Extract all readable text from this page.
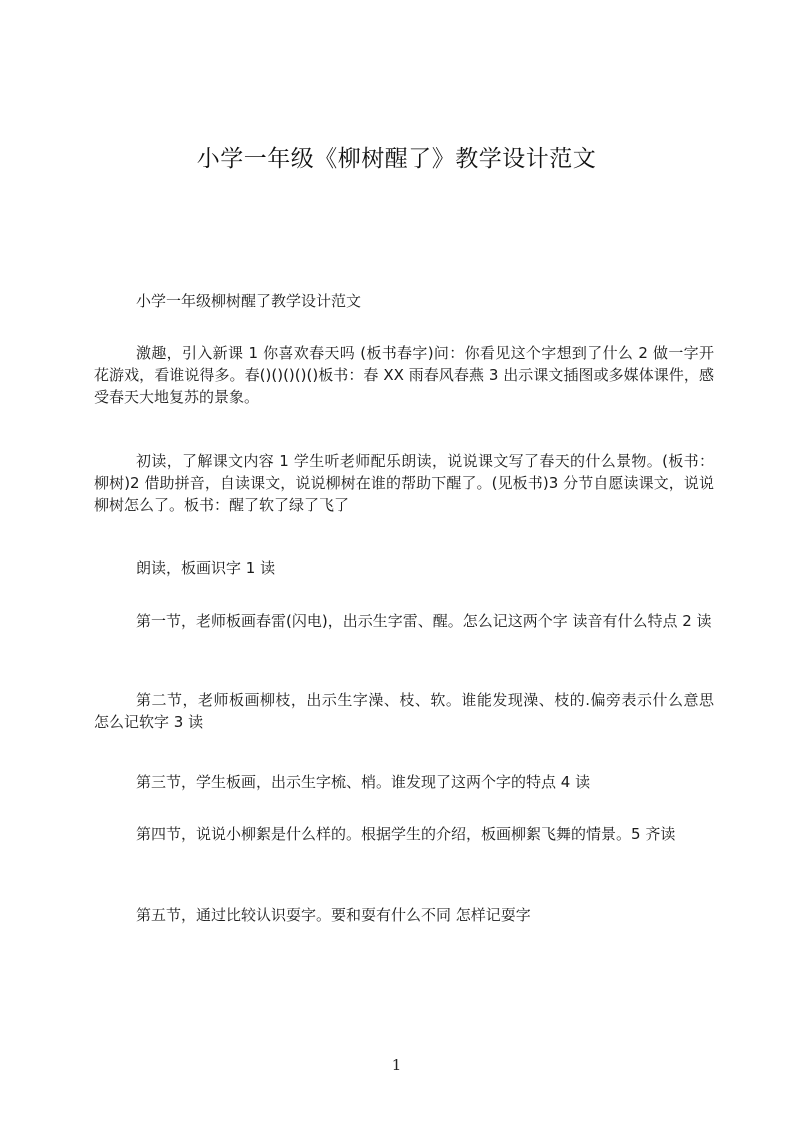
小学一年级《柳树醒了》教学设计范文

小学一年级柳树醒了教学设计范文

激趣，引入新课 1 你喜欢春天吗 (板书春字)问：你看见这个字想到了什么 2 做一字开花游戏，看谁说得多。春()()()()()板书：春 XX 雨春风春燕 3 出示课文插图或多媒体课件，感受春天大地复苏的景象。

初读，了解课文内容 1 学生听老师配乐朗读，说说课文写了春天的什么景物。(板书：柳树)2 借助拼音，自读课文，说说柳树在谁的帮助下醒了。(见板书)3 分节自愿读课文，说说柳树怎么了。板书：醒了软了绿了飞了

朗读，板画识字 1 读

第一节，老师板画春雷(闪电)，出示生字雷、醒。怎么记这两个字 读音有什么特点 2 读

第二节，老师板画柳枝，出示生字澡、枝、软。谁能发现澡、枝的.偏旁表示什么意思 怎么记软字 3 读

第三节，学生板画，出示生字梳、梢。谁发现了这两个字的特点 4 读

第四节，说说小柳絮是什么样的。根据学生的介绍，板画柳絮飞舞的情景。5 齐读

第五节，通过比较认识耍字。要和耍有什么不同 怎样记耍字

1
